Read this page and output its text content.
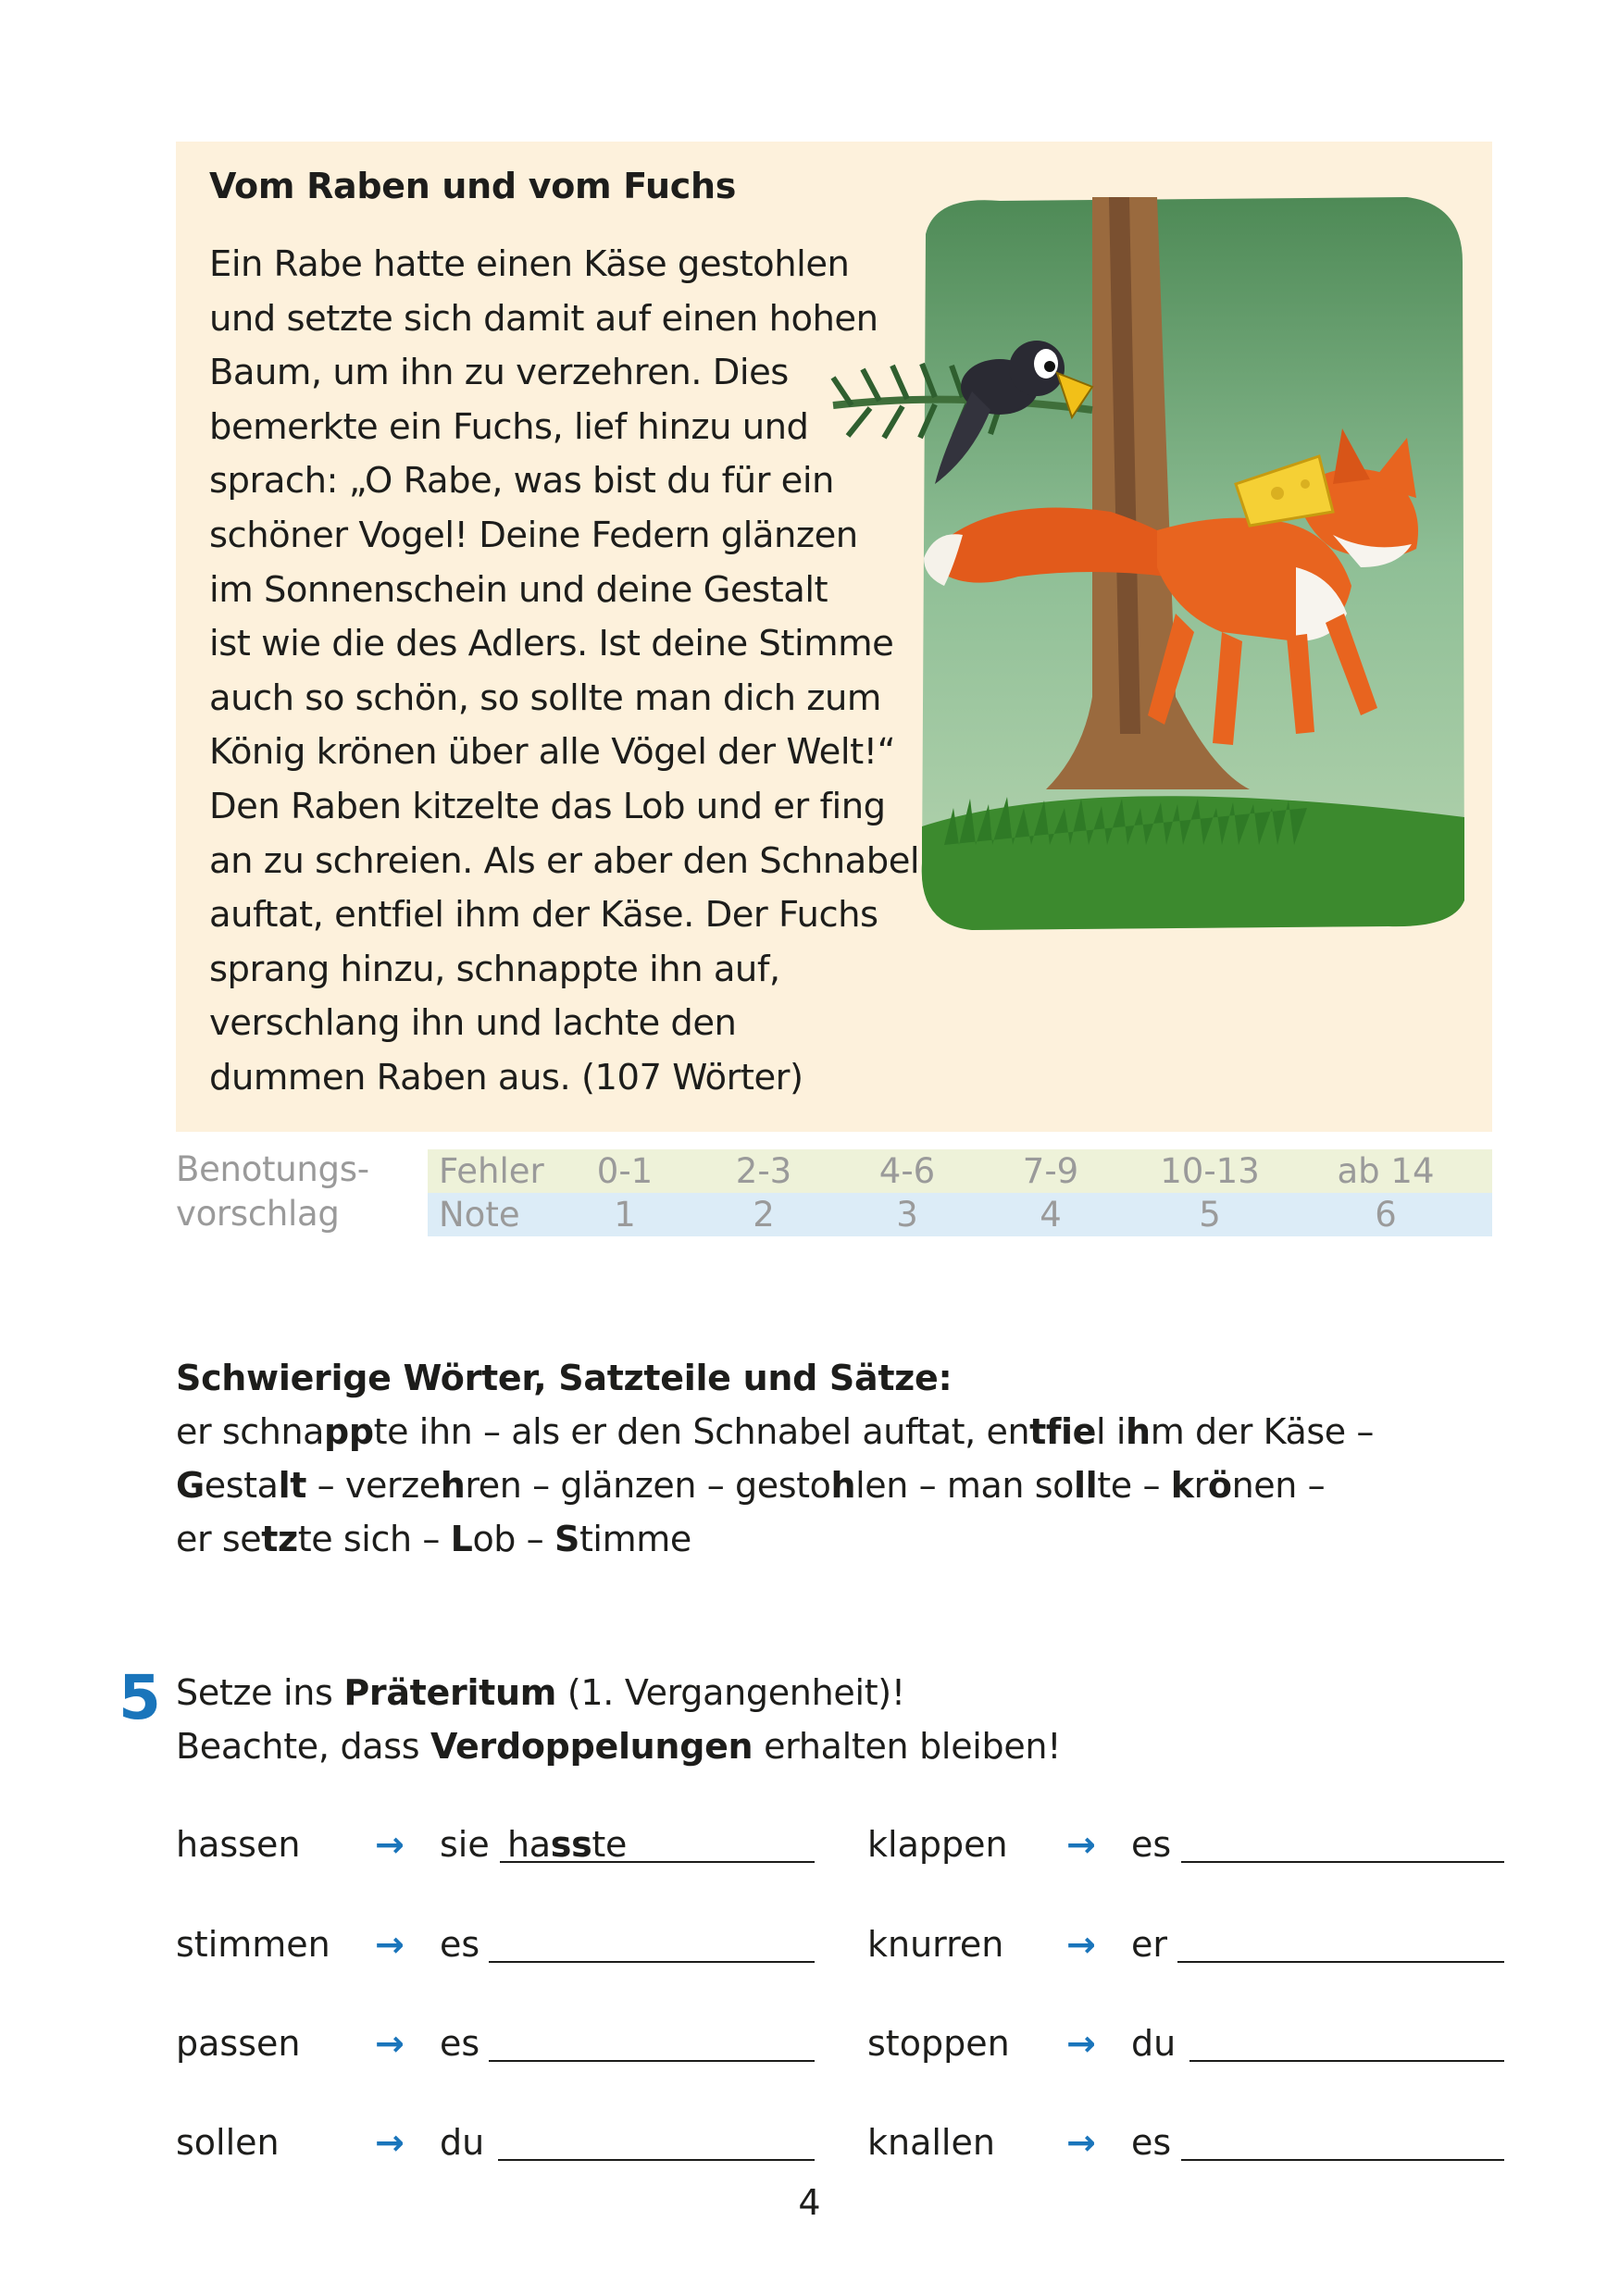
Vom Raben und vom Fuchs
Ein Rabe hatte einen Käse gestohlen
und setzte sich damit auf einen hohen
Baum, um ihn zu verzehren. Dies
bemerkte ein Fuchs, lief hinzu und
sprach: „O Rabe, was bist du für ein
schöner Vogel! Deine Federn glänzen
im Sonnenschein und deine Gestalt
ist wie die des Adlers. Ist deine Stimme
auch so schön, so sollte man dich zum
König krönen über alle Vögel der Welt!“
Den Raben kitzelte das Lob und er fing
an zu schreien. Als er aber den Schnabel
auftat, entfiel ihm der Käse. Der Fuchs
sprang hinzu, schnappte ihn auf,
verschlang ihn und lachte den
dummen Raben aus. (107 Wörter)
Benotungs-
vorschlag
Fehler	0-1	2-3	4-6	7-9	10-13	ab 14
Note	1	2	3	4	5	6
Schwierige Wörter, Satzteile und Sätze:
er schnappte ihn – als er den Schnabel auftat, entfiel ihm der Käse –
Gestalt – verzehren – glänzen – gestohlen – man sollte – krönen –
er setzte sich – Lob – Stimme
5 Setze ins Präteritum (1. Vergangenheit)!
Beachte, dass Verdoppelungen erhalten bleiben!
hassen → sie hasste	klappen → es
stimmen → es	knurren → er
passen → es	stoppen → du
sollen	→ du	knallen → es
4
